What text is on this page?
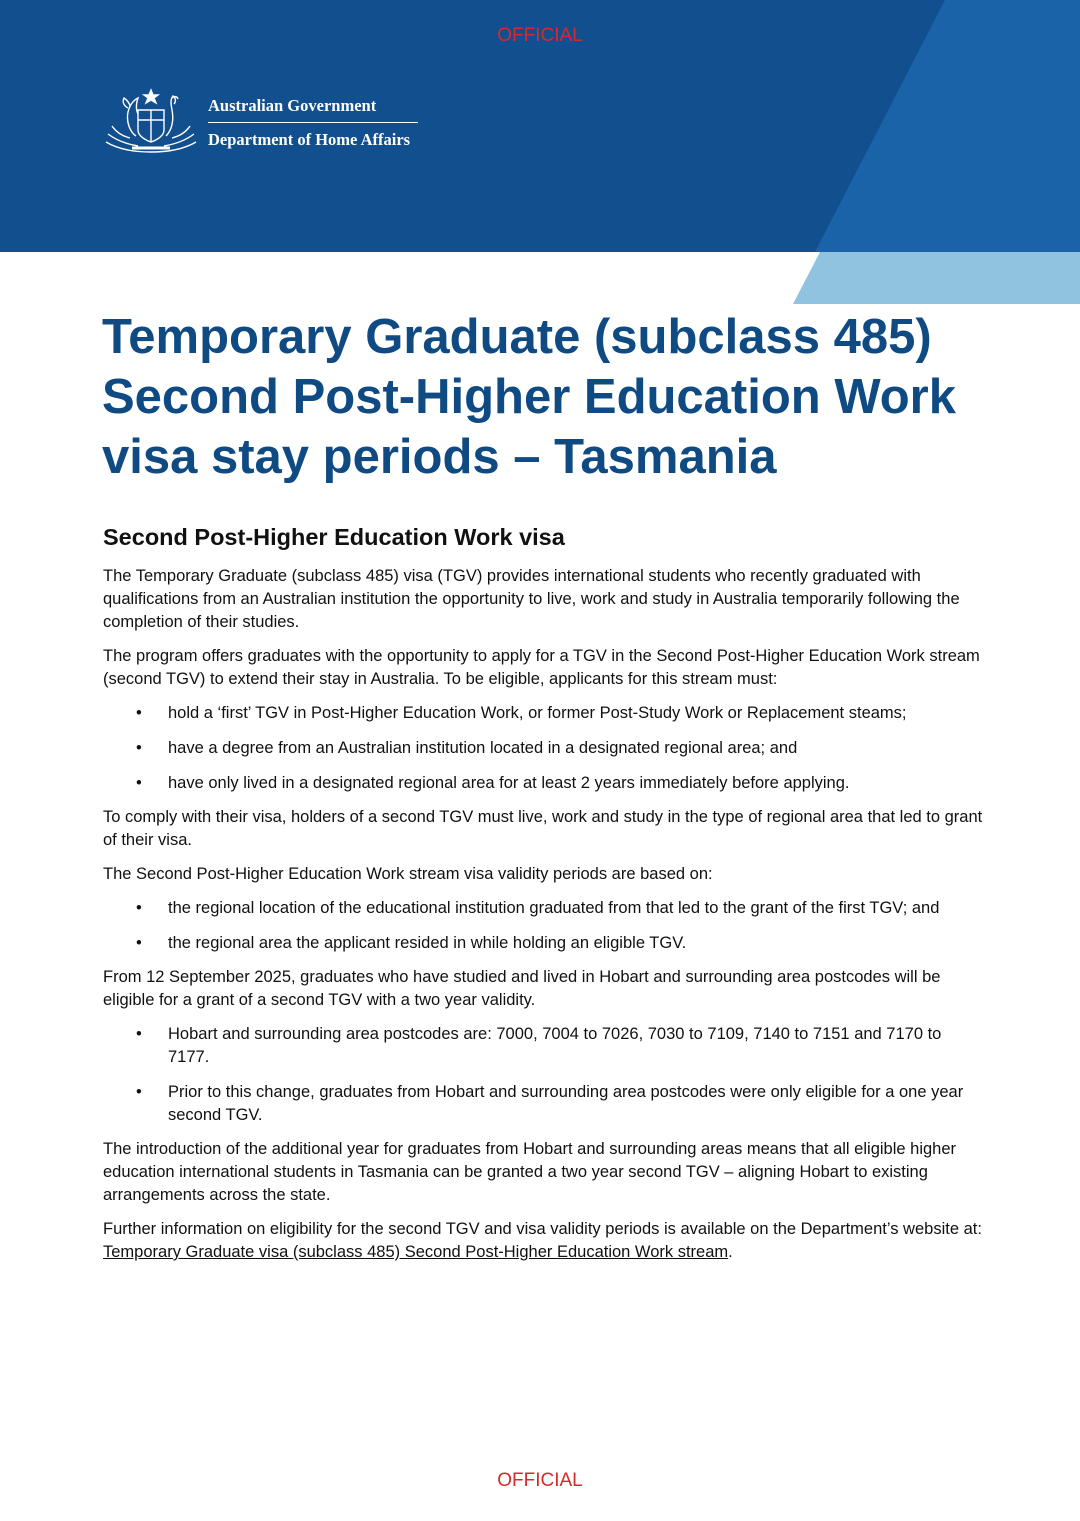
OFFICIAL
Australian Government
Department of Home Affairs
Temporary Graduate (subclass 485)
Second Post-Higher Education Work
visa stay periods – Tasmania
Second Post-Higher Education Work visa

The Temporary Graduate (subclass 485) visa (TGV) provides international students who recently graduated with qualifications from an Australian institution the opportunity to live, work and study in Australia temporarily following the completion of their studies.

The program offers graduates with the opportunity to apply for a TGV in the Second Post-Higher Education Work stream (second TGV) to extend their stay in Australia. To be eligible, applicants for this stream must:

• hold a ‘first’ TGV in Post-Higher Education Work, or former Post-Study Work or Replacement steams;
• have a degree from an Australian institution located in a designated regional area; and
• have only lived in a designated regional area for at least 2 years immediately before applying.

To comply with their visa, holders of a second TGV must live, work and study in the type of regional area that led to grant of their visa.

The Second Post-Higher Education Work stream visa validity periods are based on:

• the regional location of the educational institution graduated from that led to the grant of the first TGV; and
• the regional area the applicant resided in while holding an eligible TGV.

From 12 September 2025, graduates who have studied and lived in Hobart and surrounding area postcodes will be eligible for a grant of a second TGV with a two year validity.

• Hobart and surrounding area postcodes are: 7000, 7004 to 7026, 7030 to 7109, 7140 to 7151 and 7170 to 7177.
• Prior to this change, graduates from Hobart and surrounding area postcodes were only eligible for a one year second TGV.

The introduction of the additional year for graduates from Hobart and surrounding areas means that all eligible higher education international students in Tasmania can be granted a two year second TGV – aligning Hobart to existing arrangements across the state.

Further information on eligibility for the second TGV and visa validity periods is available on the Department’s website at: Temporary Graduate visa (subclass 485) Second Post-Higher Education Work stream.

OFFICIAL
